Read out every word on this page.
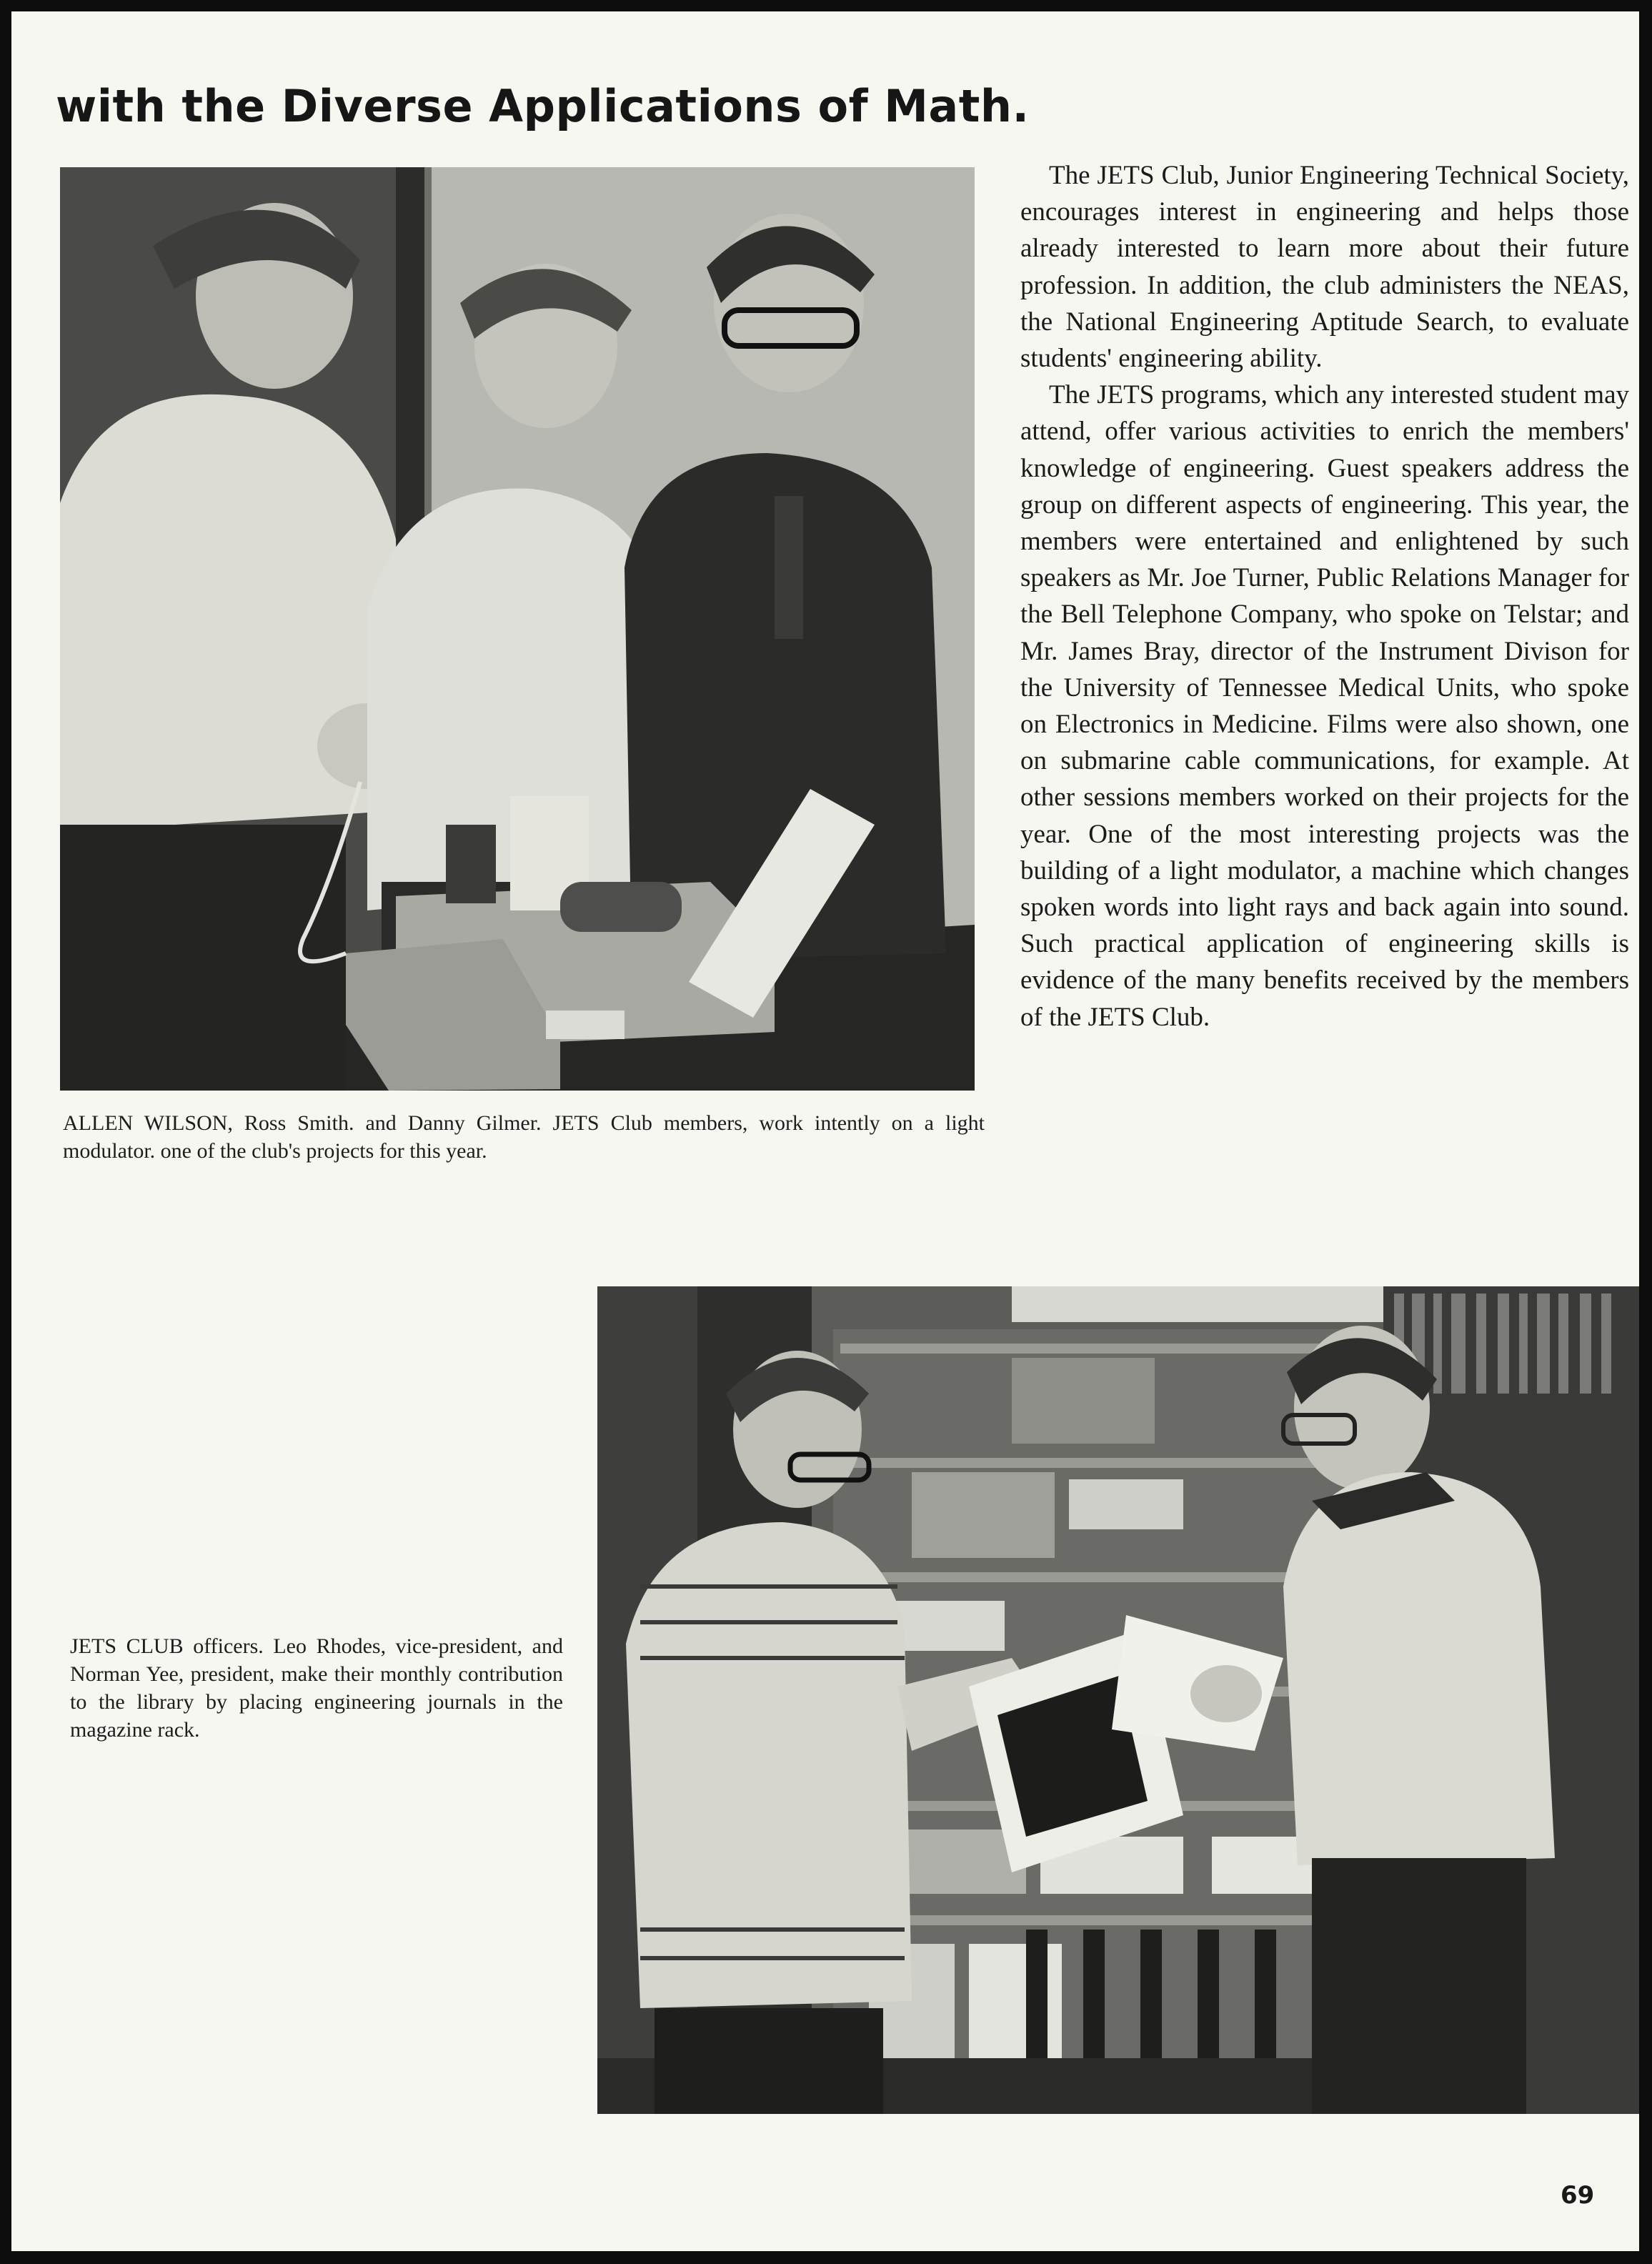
with the Diverse Applications of Math.

The JETS Club, Junior Engineering Technical Society, encourages interest in engineering and helps those already interested to learn more about their future profession. In addition, the club administers the NEAS, the National Engineering Aptitude Search, to evaluate students' engineering ability.

The JETS programs, which any interested student may attend, offer various activities to enrich the members' knowledge of engineering. Guest speakers address the group on different aspects of engineering. This year, the members were entertained and enlightened by such speakers as Mr. Joe Turner, Public Relations Manager for the Bell Telephone Company, who spoke on Telstar; and Mr. James Bray, director of the Instrument Divison for the University of Tennessee Medical Units, who spoke on Electronics in Medicine. Films were also shown, one on submarine cable communications, for example. At other sessions members worked on their projects for the year. One of the most interesting projects was the building of a light modulator, a machine which changes spoken words into light rays and back again into sound. Such practical application of engineering skills is evidence of the many benefits received by the members of the JETS Club.

ALLEN WILSON, Ross Smith. and Danny Gilmer. JETS Club members, work intently on a light modulator. one of the club's projects for this year.
JETS CLUB officers. Leo Rhodes, vice-president, and Norman Yee, president, make their monthly contribution to the library by placing engineering journals in the magazine rack.
69
